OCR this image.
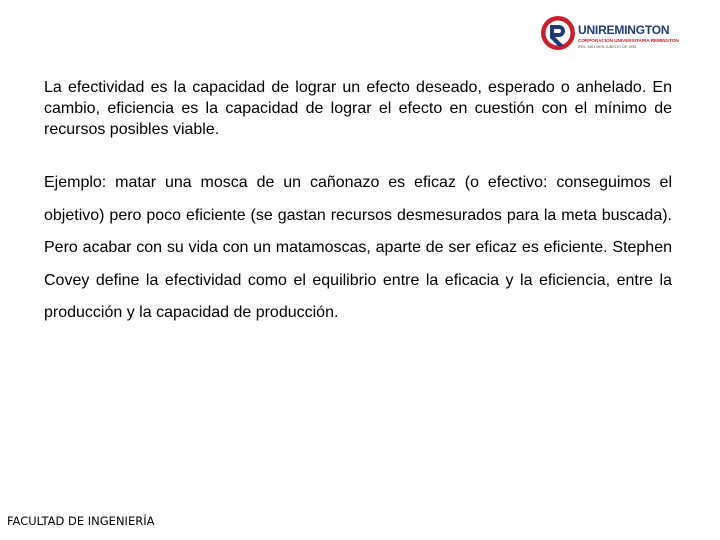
UNIREMINGTON
CORPORACIÓN UNIVERSITARIA REMINGTON
RES. 2661 MEN JUNIO 21 DE 1996

La efectividad es la capacidad de lograr un efecto deseado, esperado o anhelado. En cambio, eficiencia es la capacidad de lograr el efecto en cuestión con el mínimo de recursos posibles viable.

Ejemplo: matar una mosca de un cañonazo es eficaz (o efectivo: conseguimos el objetivo) pero poco eficiente (se gastan recursos desmesurados para la meta buscada). Pero acabar con su vida con un matamoscas, aparte de ser eficaz es eficiente. Stephen Covey define la efectividad como el equilibrio entre la eficacia y la eficiencia, entre la producción y la capacidad de producción.

FACULTAD DE INGENIERÍA
